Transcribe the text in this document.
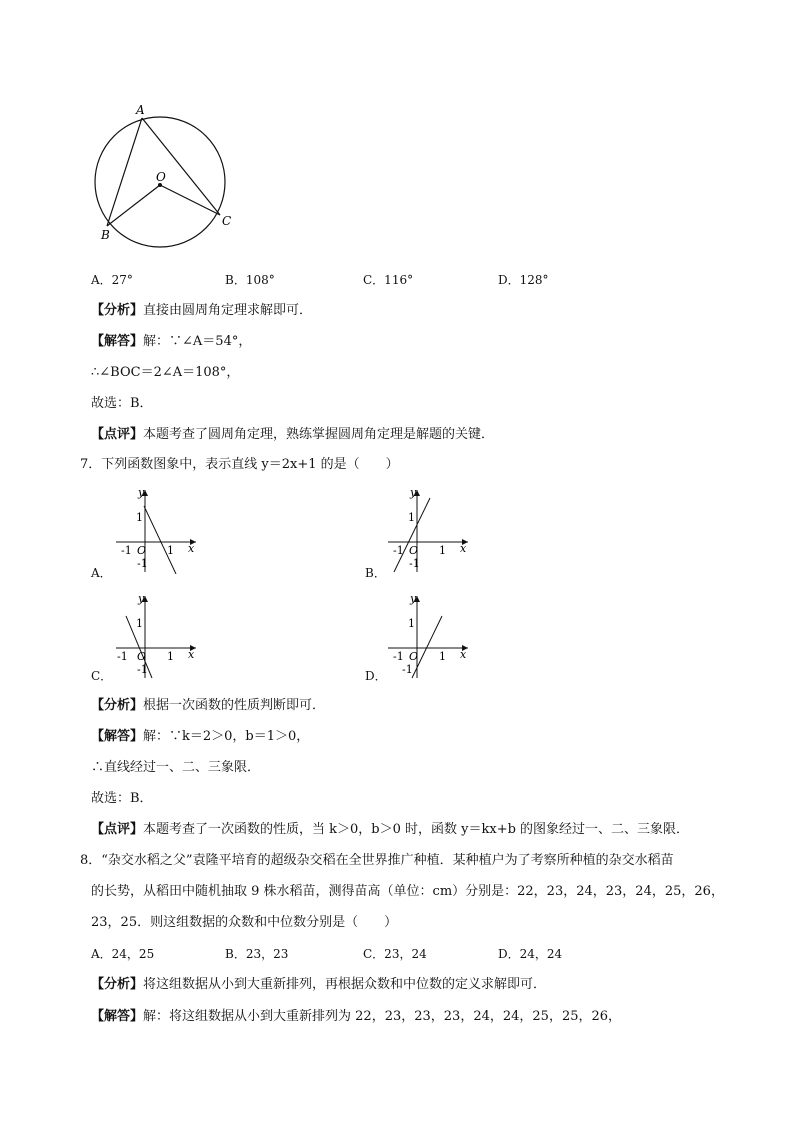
A
O
B
C
A．27°	B．108°	C．116°	D．128°
【分析】直接由圆周角定理求解即可．
【解答】解：∵∠A＝54°，
∴∠BOC＝2∠A＝108°，
故选：B．
【点评】本题考查了圆周角定理，熟练掌握圆周角定理是解题的关键．
7．下列函数图象中，表示直线 y＝2x+1 的是（　　）
y
x
1
-1 O 1
-1
A．
y
x
1
-1 O 1
-1
B．
y
x
1
-1 O 1
-1
C．
y
x
1
-1 O 1
-1
D．
【分析】根据一次函数的性质判断即可．
【解答】解：∵k＝2＞0，b＝1＞0，
∴直线经过一、二、三象限．
故选：B．
【点评】本题考查了一次函数的性质，当 k＞0，b＞0 时，函数 y＝kx+b 的图象经过一、二、三象限．
8．“杂交水稻之父”袁隆平培育的超级杂交稻在全世界推广种植．某种植户为了考察所种植的杂交水稻苗
的长势，从稻田中随机抽取 9 株水稻苗，测得苗高（单位：cm）分别是：22，23，24，23，24，25，26，
23，25．则这组数据的众数和中位数分别是（　　）
A．24，25	B．23，23	C．23，24	D．24，24
【分析】将这组数据从小到大重新排列，再根据众数和中位数的定义求解即可．
【解答】解：将这组数据从小到大重新排列为 22，23，23，23，24，24，25，25，26，
